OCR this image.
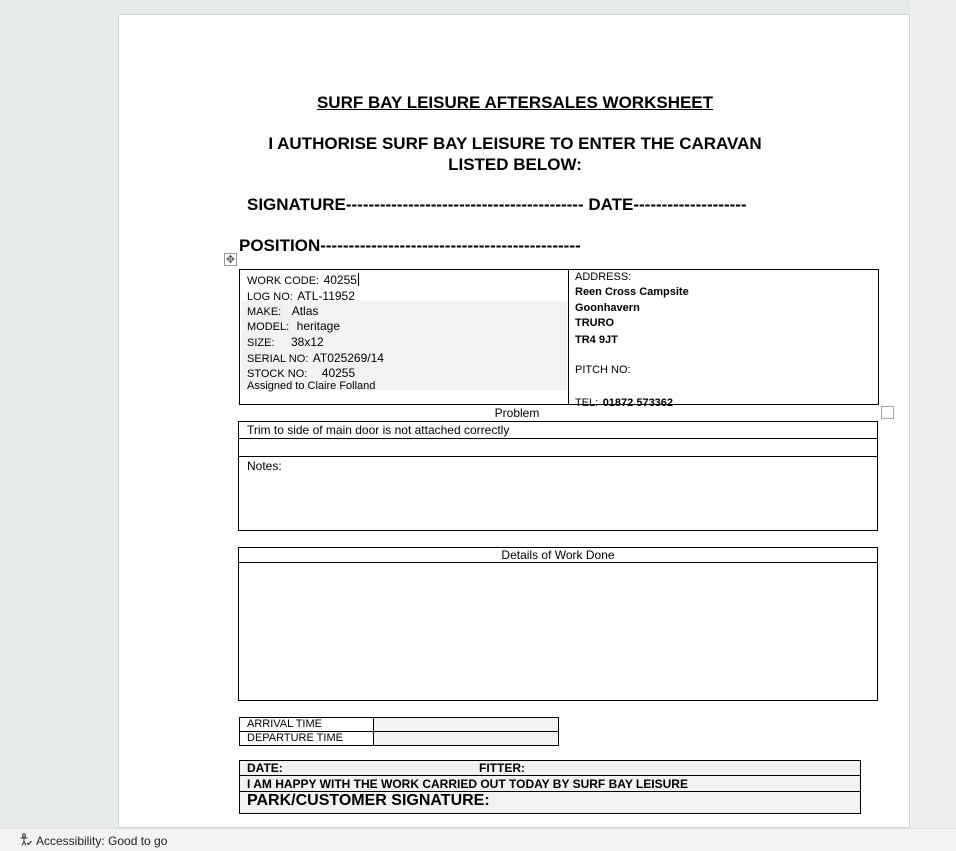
SURF BAY LEISURE AFTERSALES WORKSHEET
I AUTHORISE SURF BAY LEISURE TO ENTER THE CARAVAN
LISTED BELOW:
SIGNATURE------------------------------------------ DATE--------------------
POSITION----------------------------------------------
✥
WORK CODE: 40255
LOG NO: ATL-11952
MAKE: Atlas
MODEL: heritage
SIZE: 38x12
SERIAL NO: AT025269/14
STOCK NO: 40255
Assigned to Claire Folland
ADDRESS:
Reen Cross Campsite
Goonhavern
TRURO
TR4 9JT
PITCH NO:
TEL: 01872 573362
Problem
Trim to side of main door is not attached correctly
Notes:
Details of Work Done
ARRIVAL TIME
DEPARTURE TIME
DATE:	FITTER:
I AM HAPPY WITH THE WORK CARRIED OUT TODAY BY SURF BAY LEISURE
PARK/CUSTOMER SIGNATURE:
Accessibility: Good to go
